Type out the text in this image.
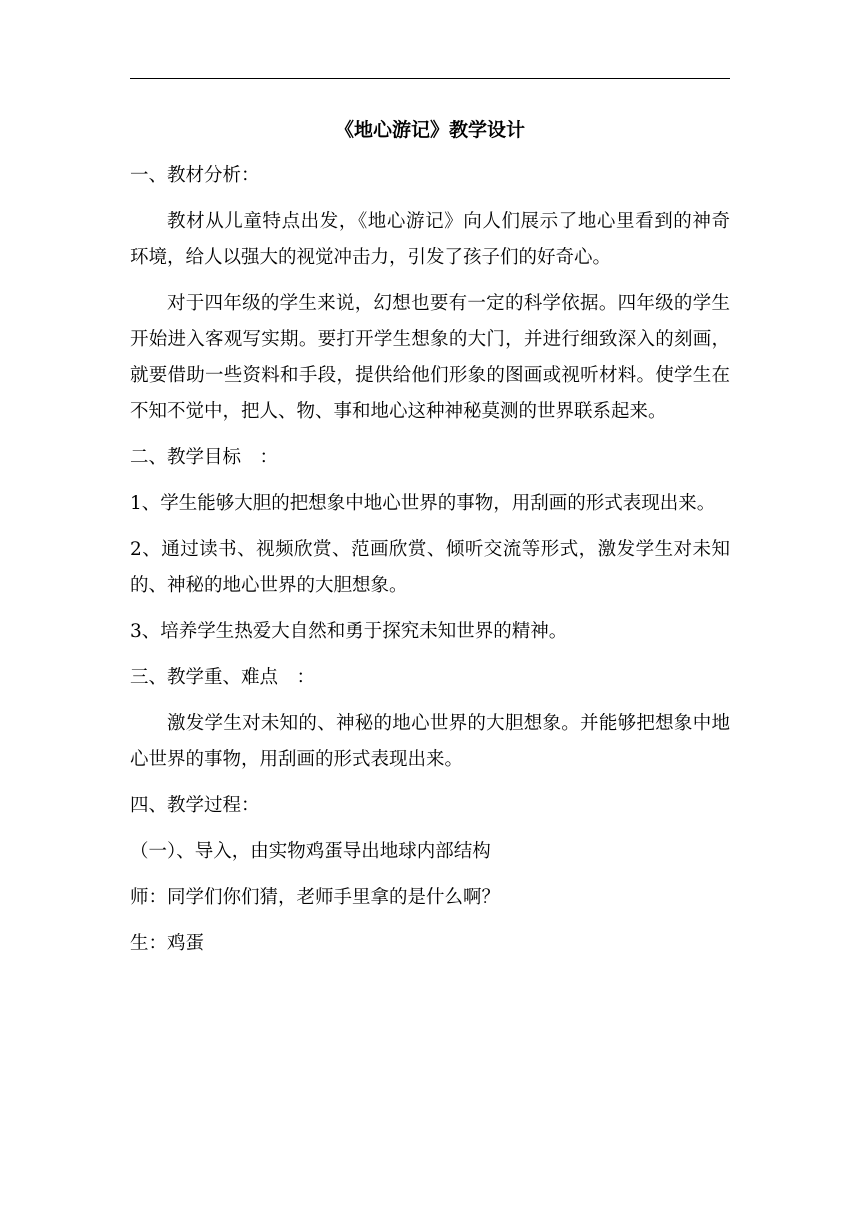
《地心游记》教学设计

一、教材分析：

教材从儿童特点出发，《地心游记》向人们展示了地心里看到的神奇环境，给人以强大的视觉冲击力，引发了孩子们的好奇心。

对于四年级的学生来说，幻想也要有一定的科学依据。四年级的学生开始进入客观写实期。要打开学生想象的大门，并进行细致深入的刻画，就要借助一些资料和手段，提供给他们形象的图画或视听材料。使学生在不知不觉中，把人、物、事和地心这种神秘莫测的世界联系起来。

二、教学目标　：

1、学生能够大胆的把想象中地心世界的事物，用刮画的形式表现出来。

2、通过读书、视频欣赏、范画欣赏、倾听交流等形式，激发学生对未知的、神秘的地心世界的大胆想象。

3、培养学生热爱大自然和勇于探究未知世界的精神。

三、教学重、难点　：

激发学生对未知的、神秘的地心世界的大胆想象。并能够把想象中地心世界的事物，用刮画的形式表现出来。

四、教学过程：

（一）、导入，由实物鸡蛋导出地球内部结构

师：同学们你们猜，老师手里拿的是什么啊？

生：鸡蛋
